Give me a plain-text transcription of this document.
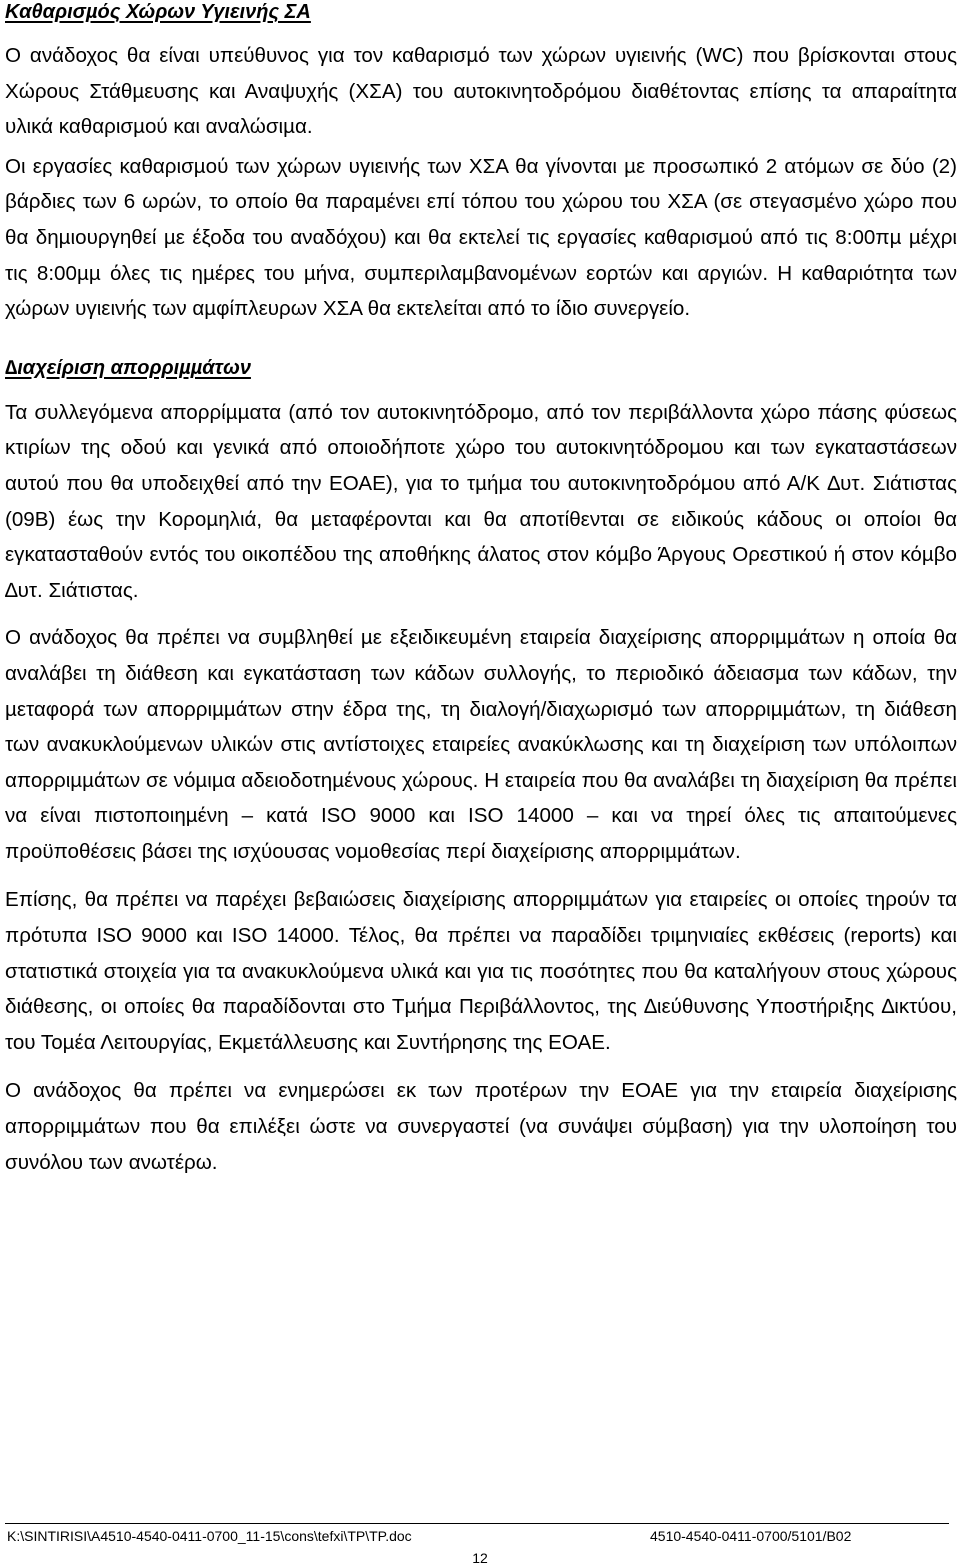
Καθαρισµός Χώρων Υγιεινής ΣΑ

Ο ανάδοχος θα είναι υπεύθυνος για τον καθαρισµό των χώρων υγιεινής (WC) που βρίσκονται στους Χώρους Στάθµευσης και Αναψυχής (ΧΣΑ) του αυτοκινητοδρόµου διαθέτοντας επίσης τα απαραίτητα υλικά καθαρισµού και αναλώσιµα.

Οι εργασίες καθαρισµού των χώρων υγιεινής των ΧΣΑ θα γίνονται µε προσωπικό 2 ατόµων σε δύο (2) βάρδιες των 6 ωρών, το οποίο θα παραµένει επί τόπου του χώρου του ΧΣΑ (σε στεγασµένο χώρο που θα δηµιουργηθεί µε έξοδα του αναδόχου) και θα εκτελεί τις εργασίες καθαρισµού από τις 8:00πµ µέχρι τις 8:00µµ όλες τις ηµέρες του µήνα, συµπεριλαµβανοµένων εορτών και αργιών. Η καθαριότητα των χώρων υγιεινής των αµφίπλευρων ΧΣΑ θα εκτελείται από το ίδιο συνεργείο.

∆ιαχείριση απορριµµάτων

Τα συλλεγόµενα απορρίµµατα (από τον αυτοκινητόδροµο, από τον περιβάλλοντα χώρο πάσης φύσεως κτιρίων της οδού και γενικά από οποιοδήποτε χώρο του αυτοκινητόδροµου και των εγκαταστάσεων αυτού που θα υποδειχθεί από την ΕΟΑΕ), για το τµήµα του αυτοκινητοδρόµου από Α/Κ ∆υτ. Σιάτιστας (09Β) έως την Κοροµηλιά, θα µεταφέρονται και θα αποτίθενται σε ειδικούς κάδους οι οποίοι θα εγκατασταθούν εντός του οικοπέδου της αποθήκης άλατος στον κόµβο Άργους Ορεστικού ή στον κόµβο ∆υτ. Σιάτιστας.

Ο ανάδοχος θα πρέπει να συµβληθεί µε εξειδικευµένη εταιρεία διαχείρισης απορριµµάτων η οποία θα αναλάβει τη διάθεση και εγκατάσταση των κάδων συλλογής, το περιοδικό άδειασµα των κάδων, την µεταφορά των απορριµµάτων στην έδρα της, τη διαλογή/διαχωρισµό των απορριµµάτων, τη διάθεση των ανακυκλούµενων υλικών στις αντίστοιχες εταιρείες ανακύκλωσης και τη διαχείριση των υπόλοιπων απορριµµάτων σε νόµιµα αδειοδοτηµένους χώρους. Η εταιρεία που θα αναλάβει τη διαχείριση θα πρέπει να είναι πιστοποιηµένη – κατά ISO 9000 και ISO 14000 – και να τηρεί όλες τις απαιτούµενες προϋποθέσεις βάσει της ισχύουσας νοµοθεσίας περί διαχείρισης απορριµµάτων.

Επίσης, θα πρέπει να παρέχει βεβαιώσεις διαχείρισης απορριµµάτων για εταιρείες οι οποίες τηρούν τα πρότυπα ISO 9000 και ISO 14000. Τέλος, θα πρέπει να παραδίδει τριµηνιαίες εκθέσεις (reports) και στατιστικά στοιχεία για τα ανακυκλούµενα υλικά και για τις ποσότητες που θα καταλήγουν στους χώρους διάθεσης, οι οποίες θα παραδίδονται στο Τµήµα Περιβάλλοντος, της ∆ιεύθυνσης Υποστήριξης ∆ικτύου, του Τοµέα Λειτουργίας, Εκµετάλλευσης και Συντήρησης της ΕΟΑΕ.

Ο ανάδοχος θα πρέπει να ενηµερώσει εκ των προτέρων την ΕΟΑΕ για την εταιρεία διαχείρισης απορριµµάτων που θα επιλέξει ώστε να συνεργαστεί (να συνάψει σύµβαση) για την υλοποίηση του συνόλου των ανωτέρω.

K:\SINTIRISI\A4510-4540-0411-0700_11-15\cons\tefxi\TP\TP.doc	4510-4540-0411-0700/5101/B02
12
